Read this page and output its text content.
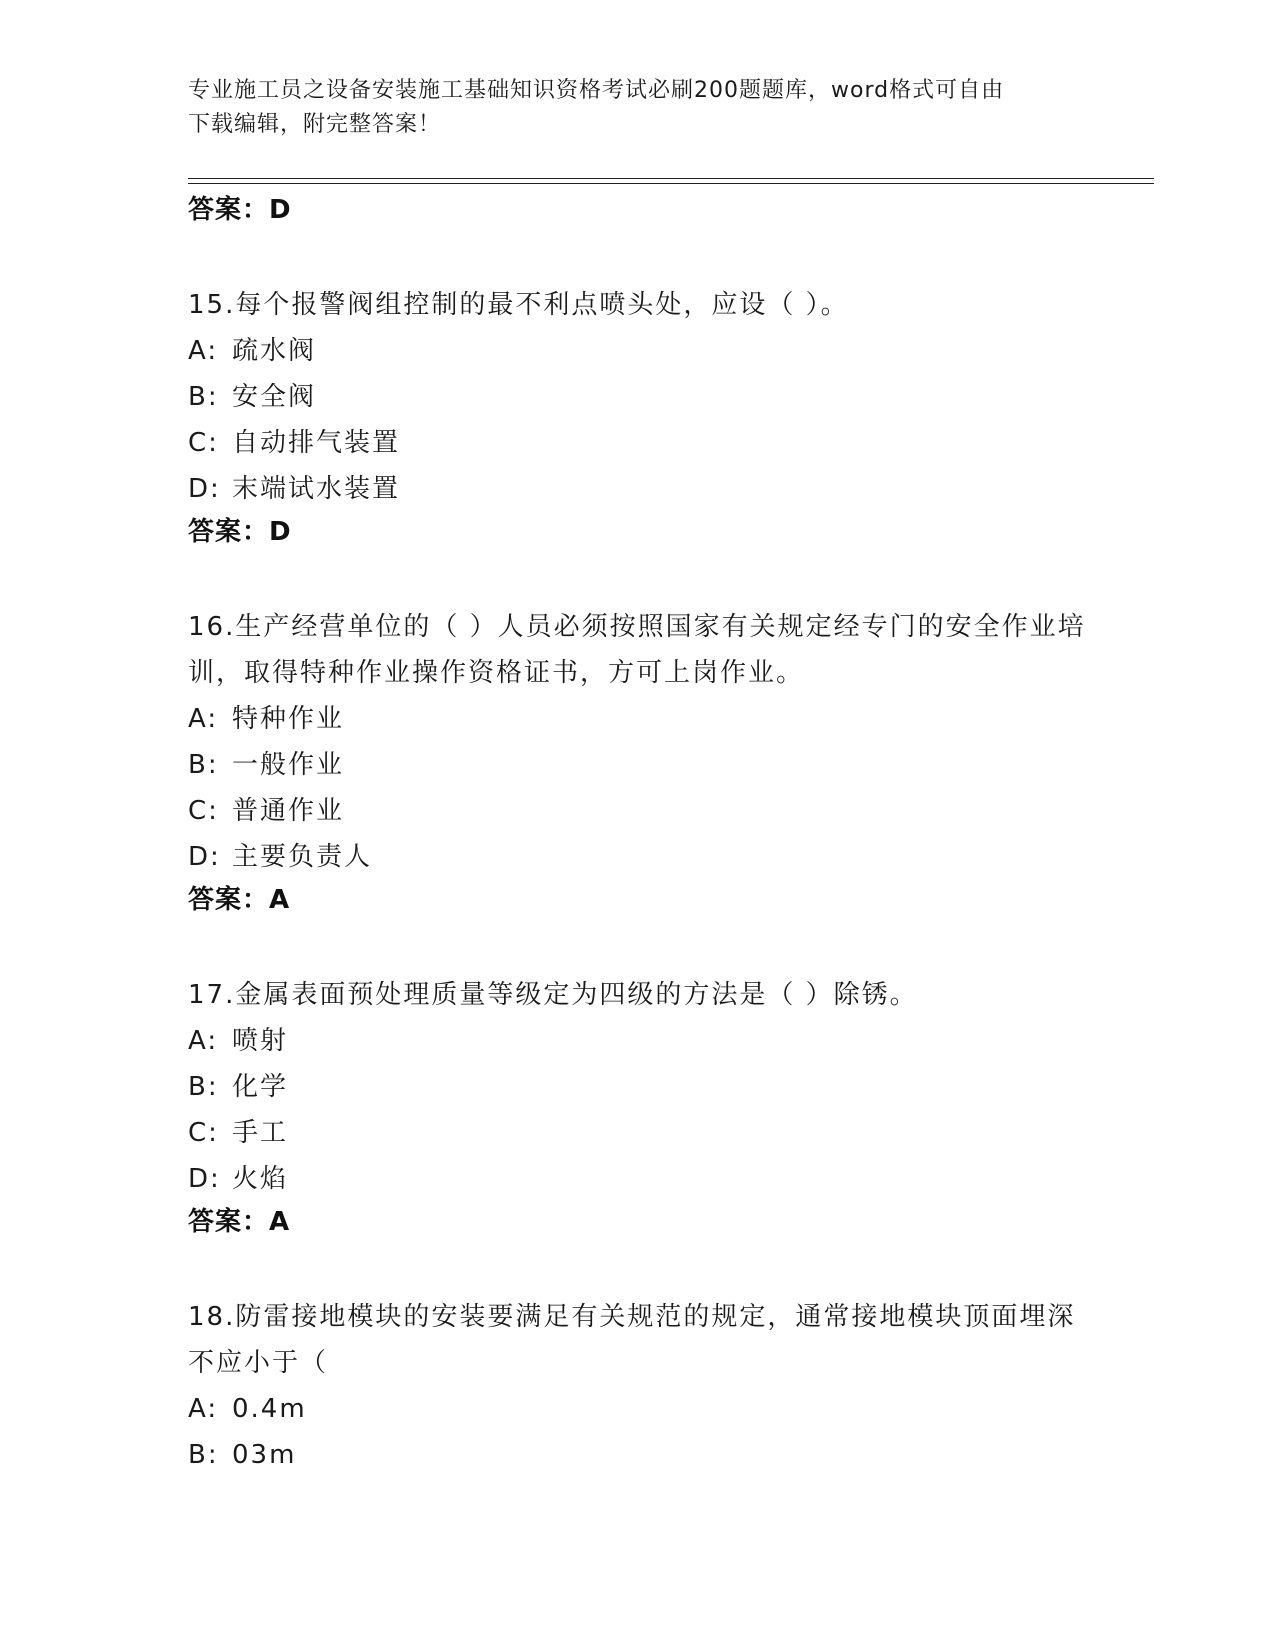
专业施工员之设备安装施工基础知识资格考试必刷200题题库，word格式可自由
下载编辑，附完整答案！
答案：D
15.每个报警阀组控制的最不利点喷头处，应设（ ）。
A: 疏水阀
B: 安全阀
C: 自动排气装置
D: 末端试水装置
答案：D
16.生产经营单位的（ ）人员必须按照国家有关规定经专门的安全作业培训，取得特种作业操作资格证书，方可上岗作业。
A: 特种作业
B: 一般作业
C: 普通作业
D: 主要负责人
答案：A
17.金属表面预处理质量等级定为四级的方法是（ ）除锈。
A: 喷射
B: 化学
C: 手工
D: 火焰
答案：A
18.防雷接地模块的安装要满足有关规范的规定，通常接地模块顶面埋深不应小于（
A: 0.4m
B: 03m
